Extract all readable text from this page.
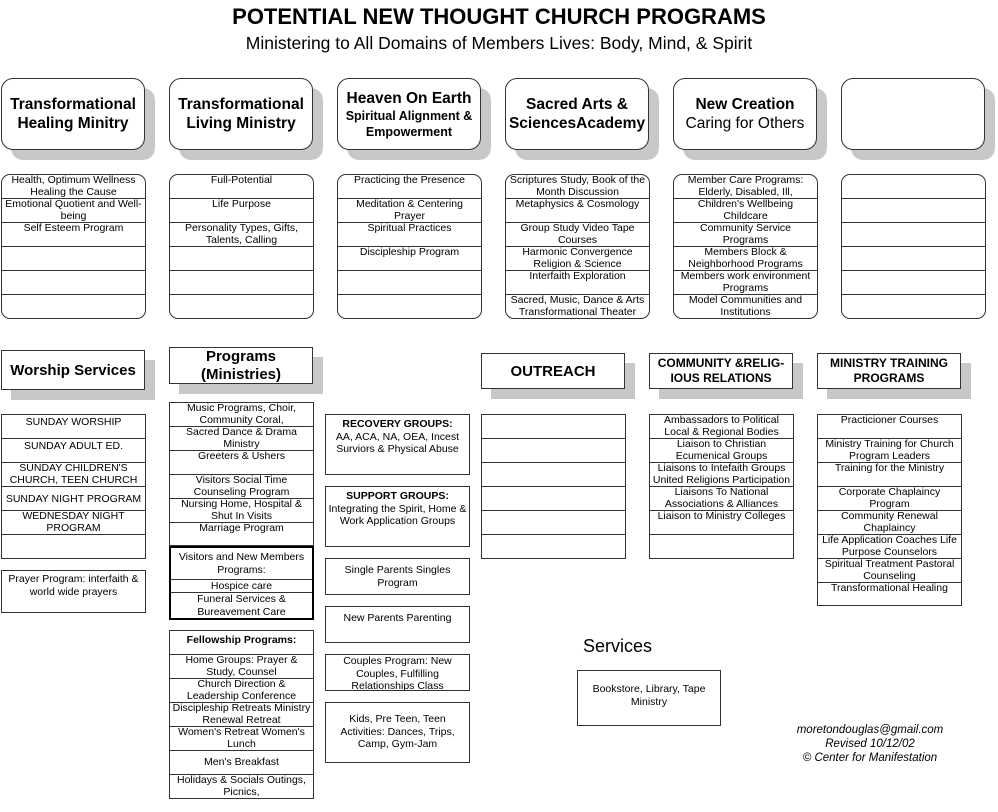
POTENTIAL NEW THOUGHT CHURCH PROGRAMS
Ministering to All Domains of Members Lives: Body, Mind, & Spirit
Transformational
Healing Minitry
Transformational
Living Ministry
Heaven On Earth
Spiritual Alignment &
Empowerment
Sacred Arts &
SciencesAcademy
New Creation
Caring for Others
Health, Optimum Wellness Healing the Cause
Emotional Quotient and Well-being
Self Esteem Program
Full-Potential
Life Purpose
Personality Types, Gifts, Talents, Calling
Practicing the Presence
Meditation & Centering Prayer
Spiritual Practices
Discipleship Program
Scriptures Study, Book of the Month Discussion
Metaphysics & Cosmology
Group Study Video Tape Courses
Harmonic Convergence Religion & Science
Interfaith Exploration
Sacred, Music, Dance & Arts Transformational Theater
Member Care Programs: Elderly, Disabled, Ill,
Children's Wellbeing Childcare
Community Service Programs
Members Block & Neighborhood Programs
Members work environment Programs
Model Communities and Institutions
Worship Services
SUNDAY WORSHIP
SUNDAY ADULT ED.
SUNDAY CHILDREN'S CHURCH, TEEN CHURCH
SUNDAY NIGHT PROGRAM
WEDNESDAY NIGHT PROGRAM
Prayer Program: interfaith & world wide prayers
Programs
(Ministries)
Music Programs, Choir, Community Coral,
Sacred Dance & Drama Ministry
Greeters & Ushers
Visitors Social Time Counseling Program
Nursing Home, Hospital & Shut In Visits
Marriage Program
Visitors and New Members Programs:
Hospice care
Funeral Services & Bureavement Care
Fellowship Programs:
Home Groups: Prayer & Study, Counsel
Church Direction & Leadership Conference
Discipleship Retreats Ministry Renewal Retreat
Women's Retreat Women's Lunch
Men's Breakfast
Holidays & Socials Outings, Picnics,
RECOVERY GROUPS:
AA, ACA, NA, OEA, Incest Surviors & Physical Abuse
SUPPORT GROUPS:
Integrating the Spirit, Home & Work Application Groups
Single Parents Singles Program
New Parents Parenting
Couples Program: New Couples, Fulfilling Relationships Class
Kids, Pre Teen, Teen Activities: Dances, Trips, Camp, Gym-Jam
OUTREACH	COMMUNITY &RELIG-IOUS RELATIONS
Ambassadors to Political Local & Regional Bodies
Liaison to Christian Ecumenical Groups
Liaisons to Intefaith Groups United Religions Participation
Liaisons To National Associations & Alliances
Liaison to Ministry Colleges
MINISTRY TRAINING PROGRAMS
Practicioner Courses
Ministry Training for Church Program Leaders
Training for the Ministry
Corporate Chaplaincy Program
Community Renewal Chaplaincy
Life Application Coaches Life Purpose Counselors
Spiritual Treatment Pastoral Counseling
Transformational Healing
Services
Bookstore, Library, Tape Ministry
moretondouglas@gmail.com
Revised 10/12/02
© Center for Manifestation
